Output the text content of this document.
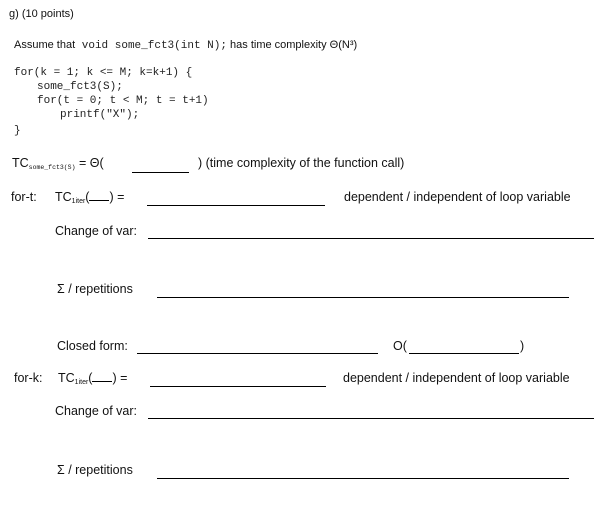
g) (10 points)
Assume that void some_fct3(int N); has time complexity Θ(N³)
for(k = 1; k <= M; k=k+1) {
some_fct3(S);
for(t = 0; t < M; t = t+1)
printf("X");
}
TCsome_fct3(S) = Θ(	) (time complexity of the function call)
for-t: $TC_{1iter}$( ) =	dependent / independent of loop variable
Change of var:
Σ / repetitions
Closed form:	O(	)
for-k: $TC_{1iter}$( ) =	dependent / independent of loop variable
Change of var:
Σ / repetitions
